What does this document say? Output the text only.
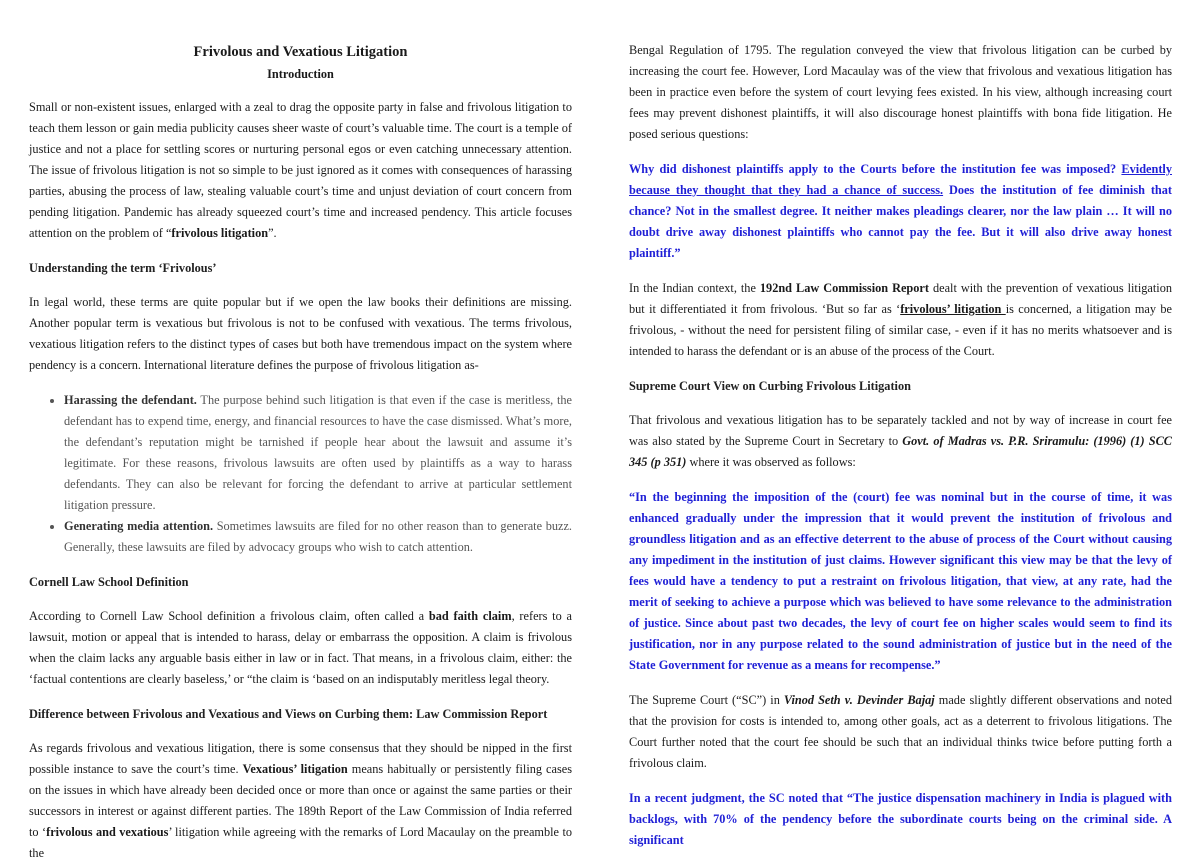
Frivolous and Vexatious Litigation
Introduction

Small or non-existent issues, enlarged with a zeal to drag the opposite party in false and frivolous litigation to teach them lesson or gain media publicity causes sheer waste of court’s valuable time. The court is a temple of justice and not a place for settling scores or nurturing personal egos or even catching unnecessary attention. The issue of frivolous litigation is not so simple to be just ignored as it comes with consequences of harassing parties, abusing the process of law, stealing valuable court’s time and unjust deviation of court concern from pending litigation. Pandemic has already squeezed court’s time and increased pendency. This article focuses attention on the problem of “frivolous litigation”.

Understanding the term ‘Frivolous’

In legal world, these terms are quite popular but if we open the law books their definitions are missing. Another popular term is vexatious but frivolous is not to be confused with vexatious. The terms frivolous, vexatious litigation refers to the distinct types of cases but both have tremendous impact on the system where pendency is a concern. International literature defines the purpose of frivolous litigation as-

• Harassing the defendant. The purpose behind such litigation is that even if the case is meritless, the defendant has to expend time, energy, and financial resources to have the case dismissed. What’s more, the defendant’s reputation might be tarnished if people hear about the lawsuit and assume it’s legitimate. For these reasons, frivolous lawsuits are often used by plaintiffs as a way to harass defendants. They can also be relevant for forcing the defendant to arrive at particular settlement litigation pressure.
• Generating media attention. Sometimes lawsuits are filed for no other reason than to generate buzz. Generally, these lawsuits are filed by advocacy groups who wish to catch attention.

Cornell Law School Definition

According to Cornell Law School definition a frivolous claim, often called a bad faith claim, refers to a lawsuit, motion or appeal that is intended to harass, delay or embarrass the opposition. A claim is frivolous when the claim lacks any arguable basis either in law or in fact. That means, in a frivolous claim, either: the ‘factual contentions are clearly baseless,’ or “the claim is ‘based on an indisputably meritless legal theory.

Difference between Frivolous and Vexatious and Views on Curbing them: Law Commission Report

As regards frivolous and vexatious litigation, there is some consensus that they should be nipped in the first possible instance to save the court’s time. Vexatious’ litigation means habitually or persistently filing cases on the issues in which have already been decided once or more than once or against the same parties or their successors in interest or against different parties. The 189th Report of the Law Commission of India referred to ‘frivolous and vexatious’ litigation while agreeing with the remarks of Lord Macaulay on the preamble to the

Bengal Regulation of 1795. The regulation conveyed the view that frivolous litigation can be curbed by increasing the court fee. However, Lord Macaulay was of the view that frivolous and vexatious litigation has been in practice even before the system of court levying fees existed. In his view, although increasing court fees may prevent dishonest plaintiffs, it will also discourage honest plaintiffs with bona fide litigation. He posed serious questions:

Why did dishonest plaintiffs apply to the Courts before the institution fee was imposed? Evidently because they thought that they had a chance of success. Does the institution of fee diminish that chance? Not in the smallest degree. It neither makes pleadings clearer, nor the law plain … It will no doubt drive away dishonest plaintiffs who cannot pay the fee. But it will also drive away honest plaintiff.”

In the Indian context, the 192nd Law Commission Report dealt with the prevention of vexatious litigation but it differentiated it from frivolous. ‘But so far as ‘frivolous’ litigation is concerned, a litigation may be frivolous, - without the need for persistent filing of similar case, - even if it has no merits whatsoever and is intended to harass the defendant or is an abuse of the process of the Court.

Supreme Court View on Curbing Frivolous Litigation

That frivolous and vexatious litigation has to be separately tackled and not by way of increase in court fee was also stated by the Supreme Court in Secretary to Govt. of Madras vs. P.R. Sriramulu: (1996) (1) SCC 345 (p 351) where it was observed as follows:

“In the beginning the imposition of the (court) fee was nominal but in the course of time, it was enhanced gradually under the impression that it would prevent the institution of frivolous and groundless litigation and as an effective deterrent to the abuse of process of the Court without causing any impediment in the institution of just claims. However significant this view may be that the levy of fees would have a tendency to put a restraint on frivolous litigation, that view, at any rate, had the merit of seeking to achieve a purpose which was believed to have some relevance to the administration of justice. Since about past two decades, the levy of court fee on higher scales would seem to find its justification, nor in any purpose related to the sound administration of justice but in the need of the State Government for revenue as a means for recompense.”

The Supreme Court (“SC”) in Vinod Seth v. Devinder Bajaj made slightly different observations and noted that the provision for costs is intended to, among other goals, act as a deterrent to frivolous litigations. The Court further noted that the court fee should be such that an individual thinks twice before putting forth a frivolous claim.

In a recent judgment, the SC noted that “The justice dispensation machinery in India is plagued with backlogs, with 70% of the pendency before the subordinate courts being on the criminal side. A significant
